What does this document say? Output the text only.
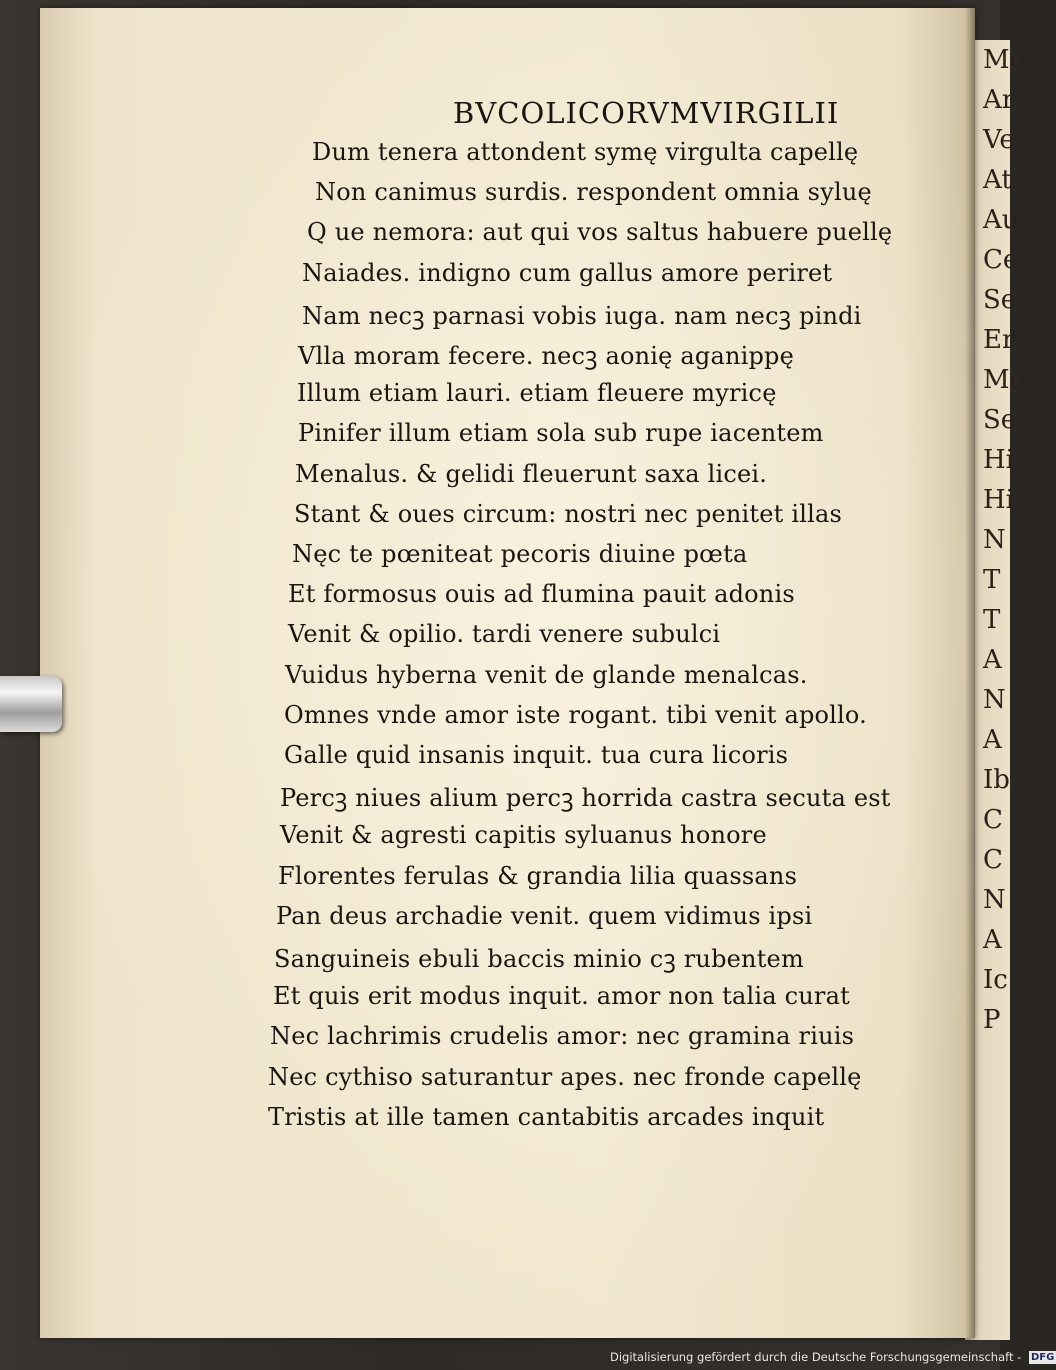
Mo
Ar
Ve
At
Au
Ce
Se
Er
Mo
Se
Hi
Hi
N
T
T
A
N
A
Ib
C
C
N
A
Ic
P
BVCOLICORVMVIRGILII
Dum tenera attondent symę virgulta capellę
Non canimus surdis. respondent omnia syluę
Q ue nemora: aut qui vos saltus habuere puellę
Naiades. indigno cum gallus amore periret
Nam necꝫ parnasi vobis iuga. nam necꝫ pindi
Vlla moram fecere. necꝫ aonię aganippę
Illum etiam lauri. etiam fleuere myricę
Pinifer illum etiam sola sub rupe iacentem
Menalus. & gelidi fleuerunt saxa licei.
Stant & oues circum: nostri nec penitet illas
Nęc te pœniteat pecoris diuine pœta
Et formosus ouis ad flumina pauit adonis
Venit & opilio. tardi venere subulci
Vuidus hyberna venit de glande menalcas.
Omnes vnde amor iste rogant. tibi venit apollo.
Galle quid insanis inquit. tua cura licoris
Percꝫ niues alium percꝫ horrida castra secuta est
Venit & agresti capitis syluanus honore
Florentes ferulas & grandia lilia quassans
Pan deus archadie venit. quem vidimus ipsi
Sanguineis ebuli baccis minio cꝫ rubentem
Et quis erit modus inquit. amor non talia curat
Nec lachrimis crudelis amor: nec gramina riuis
Nec cythiso saturantur apes. nec fronde capellę
Tristis at ille tamen cantabitis arcades inquit
Digitalisierung gefördert durch die Deutsche Forschungsgemeinschaft - DFG
